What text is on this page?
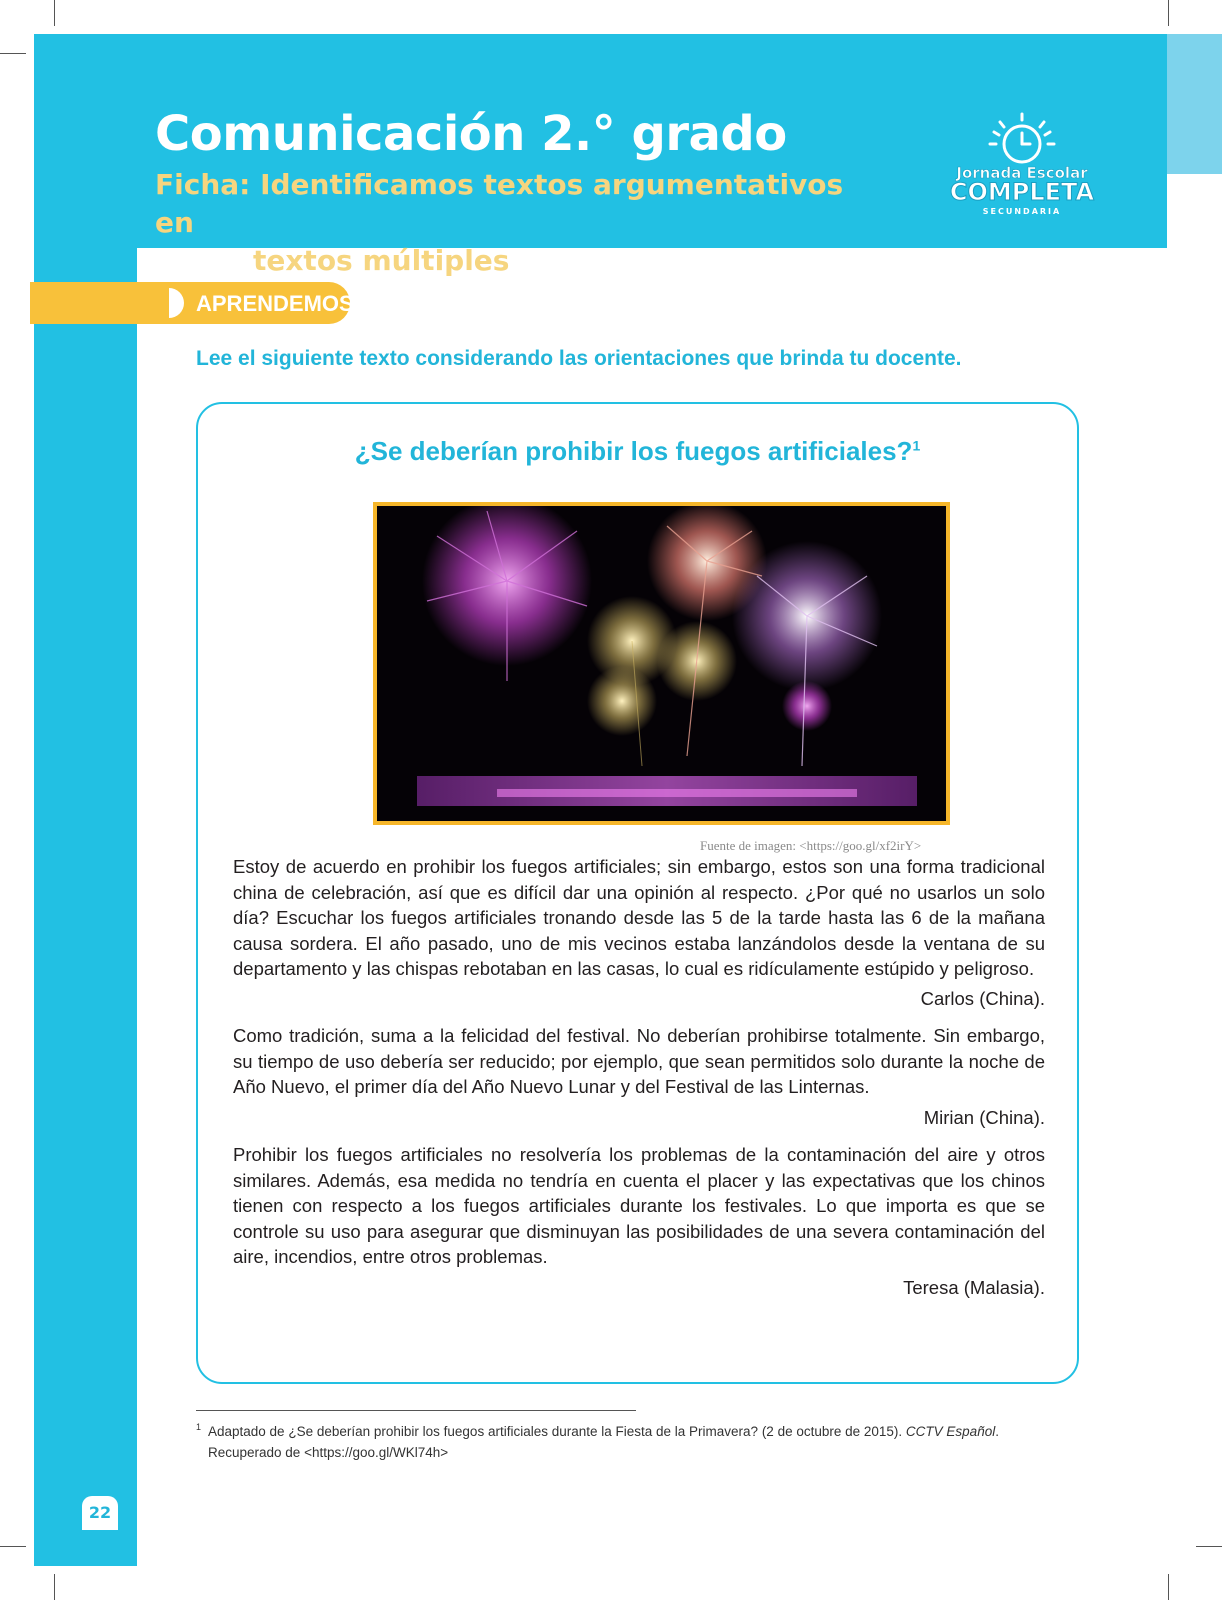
Comunicación 2.° grado
Ficha: Identificamos textos argumentativos en
textos múltiples
Jornada Escolar
COMPLETA
SECUNDARIA
APRENDEMOS

Lee el siguiente texto considerando las orientaciones que brinda tu docente.

¿Se deberían prohibir los fuegos artificiales?$^1$
Fuente de imagen: <https://goo.gl/xf2irY>

Estoy de acuerdo en prohibir los fuegos artificiales; sin embargo, estos son una forma tradicional china de celebración, así que es difícil dar una opinión al respecto. ¿Por qué no usarlos un solo día? Escuchar los fuegos artificiales tronando desde las 5 de la tarde hasta las 6 de la mañana causa sordera. El año pasado, uno de mis vecinos estaba lanzándolos desde la ventana de su departamento y las chispas rebotaban en las casas, lo cual es ridículamente estúpido y peligroso.

Carlos (China).

Como tradición, suma a la felicidad del festival. No deberían prohibirse totalmente. Sin embargo, su tiempo de uso debería ser reducido; por ejemplo, que sean permitidos solo durante la noche de Año Nuevo, el primer día del Año Nuevo Lunar y del Festival de las Linternas.

Mirian (China).

Prohibir los fuegos artificiales no resolvería los problemas de la contaminación del aire y otros similares. Además, esa medida no tendría en cuenta el placer y las expectativas que los chinos tienen con respecto a los fuegos artificiales durante los festivales. Lo que importa es que se controle su uso para asegurar que disminuyan las posibilidades de una severa contaminación del aire, incendios, entre otros problemas.

Teresa (Malasia).

1 Adaptado de ¿Se deberían prohibir los fuegos artificiales durante la Fiesta de la Primavera? (2 de octubre de 2015). CCTV Español. Recuperado de <https://goo.gl/WKl74h>

22
